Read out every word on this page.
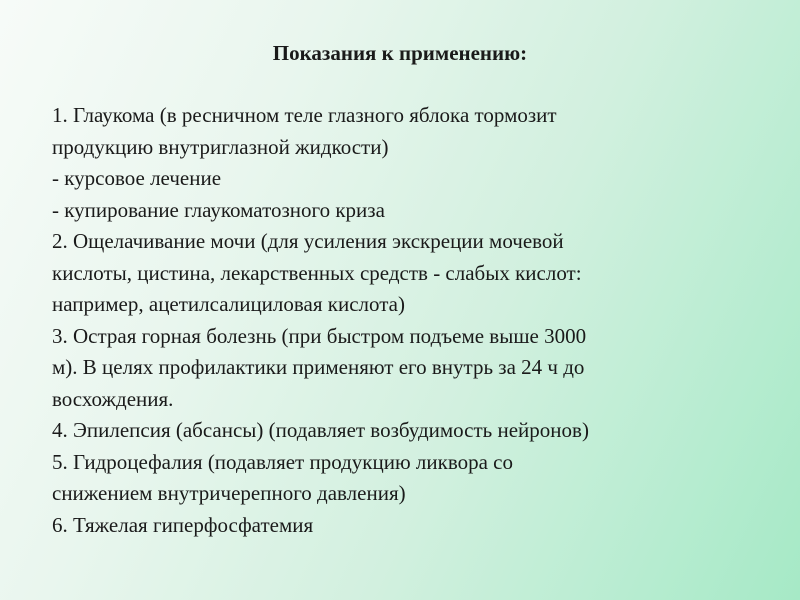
Показания к применению:
1. Глаукома (в ресничном теле глазного яблока тормозит
продукцию внутриглазной жидкости)
- курсовое лечение
- купирование глаукоматозного криза
2. Ощелачивание мочи (для усиления экскреции мочевой
кислоты, цистина, лекарственных средств - слабых кислот:
например, ацетилсалициловая кислота)
3. Острая горная болезнь (при быстром подъеме выше 3000
м). В целях профилактики применяют его внутрь за 24 ч до
восхождения.
4. Эпилепсия (абсансы) (подавляет возбудимость нейронов)
5. Гидроцефалия (подавляет продукцию ликвора со
снижением внутричерепного давления)
6. Тяжелая гиперфосфатемия
